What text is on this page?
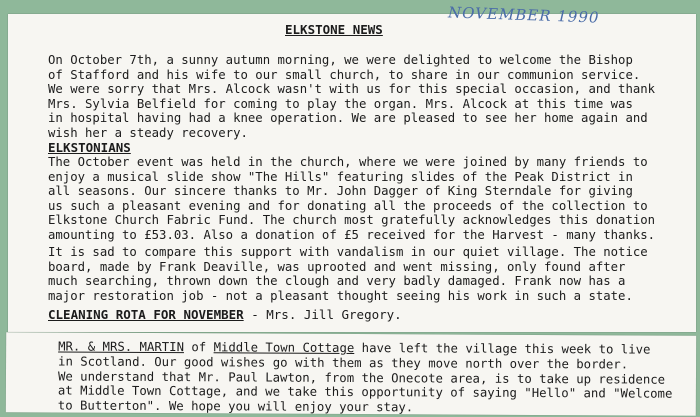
NOVEMBER 1990
ELKSTONE NEWS
On October 7th, a sunny autumn morning, we were delighted to welcome the Bishop
of Stafford and his wife to our small church, to share in our communion service.
We were sorry that Mrs. Alcock wasn't with us for this special occasion, and thank
Mrs. Sylvia Belfield for coming to play the organ. Mrs. Alcock at this time was
in hospital having had a knee operation. We are pleased to see her home again and
wish her a steady recovery.
ELKSTONIANS
The October event was held in the church, where we were joined by many friends to
enjoy a musical slide show "The Hills" featuring slides of the Peak District in
all seasons. Our sincere thanks to Mr. John Dagger of King Sterndale for giving
us such a pleasant evening and for donating all the proceeds of the collection to
Elkstone Church Fabric Fund. The church most gratefully acknowledges this donation
amounting to £53.03. Also a donation of £5 received for the Harvest - many thanks.
It is sad to compare this support with vandalism in our quiet village. The notice
board, made by Frank Deaville, was uprooted and went missing, only found after
much searching, thrown down the clough and very badly damaged. Frank now has a
major restoration job - not a pleasant thought seeing his work in such a state.
CLEANING ROTA FOR NOVEMBER - Mrs. Jill Gregory.
MR. & MRS. MARTIN of Middle Town Cottage have left the village this week to live
in Scotland. Our good wishes go with them as they move north over the border.
We understand that Mr. Paul Lawton, from the Onecote area, is to take up residence
at Middle Town Cottage, and we take this opportunity of saying "Hello" and "Welcome
to Butterton". We hope you will enjoy your stay.
